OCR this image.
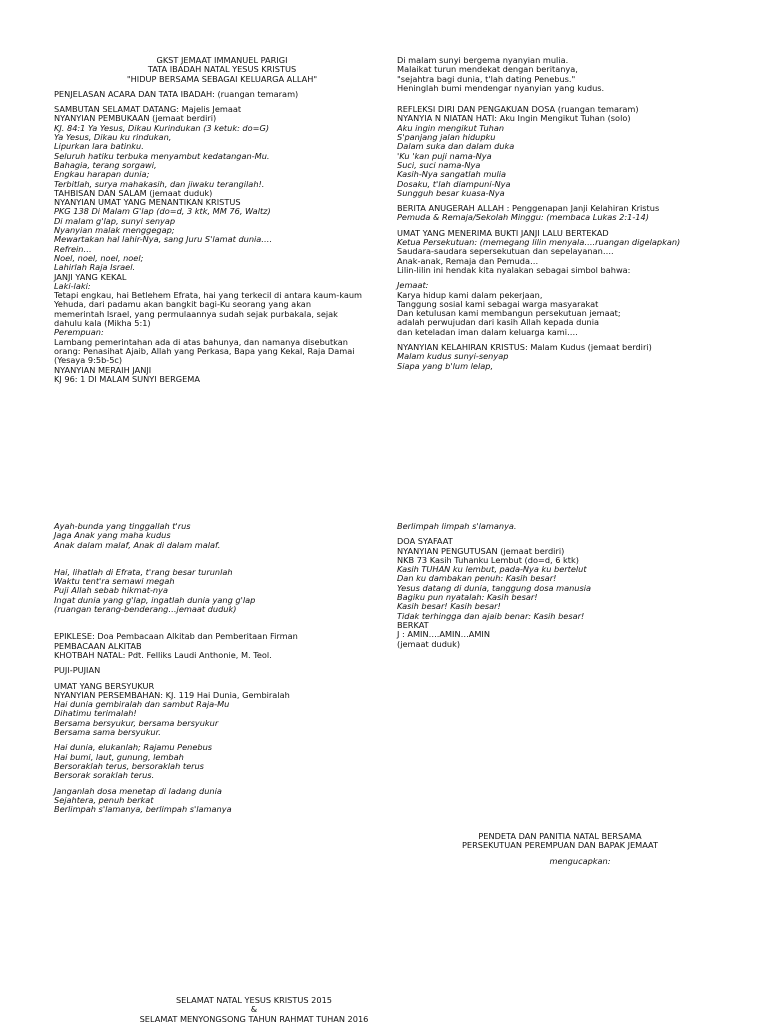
GKST JEMAAT IMMANUEL PARIGI
TATA IBADAH NATAL YESUS KRISTUS
"HIDUP BERSAMA SEBAGAI KELUARGA ALLAH"
PENJELASAN ACARA DAN TATA IBADAH: (ruangan temaram)
SAMBUTAN SELAMAT DATANG: Majelis Jemaat
NYANYIAN PEMBUKAAN (jemaat berdiri)
KJ. 84:1 Ya Yesus, Dikau Kurindukan (3 ketuk: do=G)
Ya Yesus, Dikau ku rindukan,
Lipurkan lara batinku.
Seluruh hatiku terbuka menyambut kedatangan-Mu.
Bahagia, terang sorgawi,
Engkau harapan dunia;
Terbitlah, surya mahakasih, dan jiwaku terangilah!.
TAHBISAN DAN SALAM (jemaat duduk)
NYANYIAN UMAT YANG MENANTIKAN KRISTUS
PKG 138 Di Malam G'lap (do=d, 3 ktk, MM 76, Waltz)
Di malam g'lap, sunyi senyap
Nyanyian malak menggegap;
Mewartakan hal lahir-Nya, sang Juru S'lamat dunia….
Refrein…
Noel, noel, noel, noel;
Lahirlah Raja Israel.
JANJI YANG KEKAL
Laki-laki:
Tetapi engkau, hai Betlehem Efrata, hai yang terkecil di antara kaum-kaum
Yehuda, dari padamu akan bangkit bagi-Ku seorang yang akan
memerintah Israel, yang permulaannya sudah sejak purbakala, sejak
dahulu kala (Mikha 5:1)
Perempuan:
Lambang pemerintahan ada di atas bahunya, dan namanya disebutkan
orang: Penasihat Ajaib, Allah yang Perkasa, Bapa yang Kekal, Raja Damai
(Yesaya 9:5b-5c)
NYANYIAN MERAIH JANJI
KJ 96: 1 DI MALAM SUNYI BERGEMA
Di malam sunyi bergema nyanyian mulia.
Malaikat turun mendekat dengan beritanya,
"sejahtra bagi dunia, t'lah dating Penebus."
Heninglah bumi mendengar nyanyian yang kudus.
REFLEKSI DIRI DAN PENGAKUAN DOSA (ruangan temaram)
NYANYIA N NIATAN HATI: Aku Ingin Mengikut Tuhan (solo)
Aku ingin mengikut Tuhan
S'panjang jalan hidupku
Dalam suka dan dalam duka
'Ku 'kan puji nama-Nya
Suci, suci nama-Nya
Kasih-Nya sangatlah mulia
Dosaku, t'lah diampuni-Nya
Sungguh besar kuasa-Nya
BERITA ANUGERAH ALLAH : Penggenapan Janji Kelahiran Kristus
Pemuda & Remaja/Sekolah Minggu: (membaca Lukas 2:1-14)
UMAT YANG MENERIMA BUKTI JANJI LALU BERTEKAD
Ketua Persekutuan: (memegang lilin menyala….ruangan digelapkan)
Saudara-saudara sepersekutuan dan sepelayanan….
Anak-anak, Remaja dan Pemuda…
Lilin-lilin ini hendak kita nyalakan sebagai simbol bahwa:
Jemaat:
Karya hidup kami dalam pekerjaan,
Tanggung sosial kami sebagai warga masyarakat
Dan ketulusan kami membangun persekutuan jemaat;
adalah perwujudan dari kasih Allah kepada dunia
dan keteladan iman dalam keluarga kami….
NYANYIAN KELAHIRAN KRISTUS: Malam Kudus (jemaat berdiri)
Malam kudus sunyi-senyap
Siapa yang b'lum lelap,
Ayah-bunda yang tinggallah t'rus
Jaga Anak yang maha kudus
Anak dalam malaf, Anak di dalam malaf.
Hai, lihatlah di Efrata, t'rang besar turunlah
Waktu tent'ra semawi megah
Puji Allah sebab hikmat-nya
Ingat dunia yang g'lap, ingatlah dunia yang g'lap
(ruangan terang-benderang…jemaat duduk)
EPIKLESE: Doa Pembacaan Alkitab dan Pemberitaan Firman
PEMBACAAN ALKITAB
KHOTBAH NATAL: Pdt. Felliks Laudi Anthonie, M. Teol.
PUJI-PUJIAN
UMAT YANG BERSYUKUR
NYANYIAN PERSEMBAHAN: KJ. 119 Hai Dunia, Gembiralah
Hai dunia gembiralah dan sambut Raja-Mu
Dihatimu terimalah!
Bersama bersyukur, bersama bersyukur
Bersama sama bersyukur.
Hai dunia, elukanlah; Rajamu Penebus
Hai bumi, laut, gunung, lembah
Bersoraklah terus, bersoraklah terus
Bersorak soraklah terus.
Janganlah dosa menetap di ladang dunia
Sejahtera, penuh berkat
Berlimpah s'lamanya, berlimpah s'lamanya
Berlimpah limpah s'lamanya.
DOA SYAFAAT
NYANYIAN PENGUTUSAN (jemaat berdiri)
NKB 73 Kasih Tuhanku Lembut (do=d, 6 ktk)
Kasih TUHAN ku lembut, pada-Nya ku bertelut
Dan ku dambakan penuh: Kasih besar!
Yesus datang di dunia, tanggung dosa manusia
Bagiku pun nyatalah: Kasih besar!
Kasih besar! Kasih besar!
Tidak terhingga dan ajaib benar: Kasih besar!
BERKAT
J : AMIN….AMIN…AMIN
(jemaat duduk)
PENDETA DAN PANITIA NATAL BERSAMA
PERSEKUTUAN PEREMPUAN DAN BAPAK JEMAAT
mengucapkan:
SELAMAT NATAL YESUS KRISTUS 2015
&
SELAMAT MENYONGSONG TAHUN RAHMAT TUHAN 2016
